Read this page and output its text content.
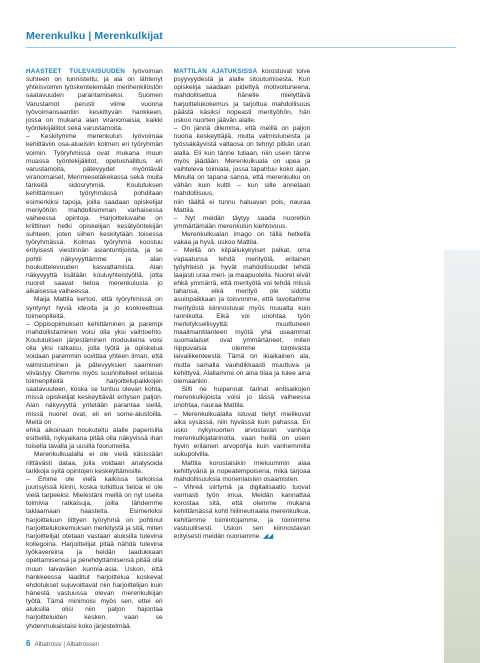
Merenkulku | Merenkulkijat

HAASTEET TULEVAISUUDEN työvoiman suhteen on tunnistettu, ja ala on lähtenyt yhteisvoimin työskentelemään merihenkilöstön saatavuuden parantamiseksi. Suomen Varustamot perusti viime vuonna työvoimansaantiin keskittyvän hankkeen, jossa on mukana alan viranomaisia, kaikki työntekijäliitot sekä varustamoita.

– Keskitymme merenkulun työvoimaa kehittäviin osa-alueisiin kolmen eri työryhmän voimin. Työryhmissä ovat mukana muun muassa työntekijäliitot, opetushallitus, eri varustamoita, pätevyydet myöntävät viranomaiset, Merimieseläkekassa sekä muita tärkeitä sidosryhmiä. Koulutuksen kehittämisen työryhmässä pohditaan esimerkiksi tapoja, joilla saadaan opiskelijat meriyöhön mahdollisimman varhaisessa vaiheessa opintoja. Harjoitteluvaihe on kriittinen hetki opiskelijan kesätyöntekijän suhteen, joten siihen keskitytään toisessa työryhmässä. Kolmas työryhmä koostuu erityisesti viestinnän asiantuntijoista, ja se pohtii näkyvyyttämme ja alan houkuttelevuuden kasvattamista. Alan näkyvyyttä lisätään kouluyhteistyöllä, jotta nuoret saavat tietoa merenkulusta jo aikaisessa vaiheessa.

Maija Mattila kertoo, että työryhmissä on syntynyt hyviä ideoita ja jo konkreettisia toimenpiteitä.

– Oppisopimuksen kehittäminen ja parempi mahdollistaminen voisi olla yksi vaihtoehto. Koulutuksen järjestäminen moduuleina voisi olla yksi ratkaisu, jolla työtä ja opiskelua voidaan paremmin sovittaa yhteen ilman, että valmistuminen ja pätevyyksien saaminen viivästyy. Olemme myös suunnitelleet erilaisia toimenpiteitä harjoittelupaikkojen saatavuuteen, koska se tuntuu olevan kohta, missä opiskelijat keskeyttävät eritysen paljon. Alan näkyvyyttä yritetään parantaa siellä, missä nuoret ovat, eli eri some-alustoilla. Meitä on

ehkä aikoinaan houkuteltu alalle paperisilla esitteillä, nykyaikana pitää olla näkyvissä ihan toisella tavalla ja uusilla foorumeilla.

Merenkulkualalla ei ole vielä käsissään riittävästi dataa, jolla voidaan analysoida tarkkoja syitä opintojen keskeyttämisille.

– Emme ole vielä kaikissa tarkoissa juurisyissä kiinni, koska tutkittua tietoa ei ole vielä tarpeeksi. Mielestäni meillä on nyt useita toimivia ratkaisuja, joilla lähdemme taklaamaan haasteita. Esimerkiksi harjoitteluun liittyen työryhmä on pohtinut harjoittelukokemuksen merkitystä ja sitä, miten harjoittelijat otetaan vastaan aluksilla tulevina kollegoina. Harjoittelijat pitää nähdä tulevina työkavereina ja heidän laadukkaan opettamisensa ja perehdyttämisensä pitää olla muun laivaväen kunnia-asia. Uskon, että hankkeessa laaditut harjoittelua koskevat ehdotukset sujuvoittavat niin harjoittelijan kuin hänestä vastuussa olevan merenkulkijan työtä. Tämä minimoisi myös sen, ettei eri aluksilla olisi niin paljon hajontaa harjoitteluiden kesken, vaan se yhdenmukaistaisi koko järjestelmää.

MATTILAN AJATUKSISSA korostuvat toive psyyvyydestä ja alalle sitoutumisesta. Kun opiskelija saadaan pidettyä motivoituneena, mahdollisettua hänelle mielyttävä harjoittelukokemus ja tarjottua mahdollisuus päästä käsiksi nopeasti merityöhön, hän uskoo nuorten jäävän alalle.

– On jännä dilemma, että meillä on paljon nuoria keskeyttäjiä, mutta valmistuneista ja työssäkäyvistä valtaosa on tehnyt pitkän uran alalla. Eli kun tänne tullaan, niin usein tänne myös jäädään. Merenkulkuala on upea ja vaihteleva toimiala, jossa tapahtuu koko ajan. Minulla on tapana sanoa, että merenkulku on vähän kuin kultti – kun sille annetaan mahdollisuus,

niin täältä ei tunnu haluavan pois, nauraa Mattila.

– Nyt meidän täytyy saada nuoretkin ymmärtämään merenkulun kiehtovuus.

Merenkulkualan imago on tällä hetkellä vakaa ja hyvä, uskoo Mattila.

– Meillä on kilpailukykyiset palkat, oma vapaatunsa tehdä merityötä, erilainen työyhteisö ja hyvät mahdollisuudet tehdä laajasti uraa meri- ja maapuolella. Nuoret eivät ehkä ymmärrä, että merityötä voi tehdä missä tahansa, eikä merityö ole sidottu asuinpaikkaan ja toisvonme, että tavoitamme merityöstä kiinnostuvat myös muualta kuin rannikolta. Eikä voi unohtaa työn merkityksellisyyttä: muuttuneen maailmantilanteen myötä yhä useammat suomalaiset ovat ymmärtäneet, miten riippuvaisia olemme toimivasta laivaliikenteestä. Tämä on ikiaikainen ala, mutta samalla vauhdikkaasti muuttuva ja kehittyvä. Alallamme on aina tilaa ja tulee aina olemaankin.

Silti ne huipennat tarinat entisaikojen merenkulkijoista voisi jo tässä vaiheessa unohtaa, nauraa Mattila.

– Merenkulkualalla istuvat tietyt mielikuvat aika sysässä, niin hyvässä kuin pahassa. En usko nykynuorten arvostavan vanhoja merenkulkijatarinoita, vaan heillä on usein hyvin erilainen arvopohja kuin vanhemmilla sukupolvilla.

Mattila korostaisikin mieluummin alaa kehittyvänä ja nopeatempoisena, mikä tarjoaa mahdollisuuksia monenlaisten osaamisten.

– Vihreä siirtymä ja digitalisaatio tuovat varmasti työn imua. Meidän kannattaa korostaa sitä, että olemme mukana kehittämässä kohti hiilineutraalia merenkulkua, kehitämme toimintojamme, ja toimimme vastuullisesti. Uskon sen kiinnostavan erityisesti meidän nuoriamme. ◢◢

6 Albatrossi | Albatrossen
